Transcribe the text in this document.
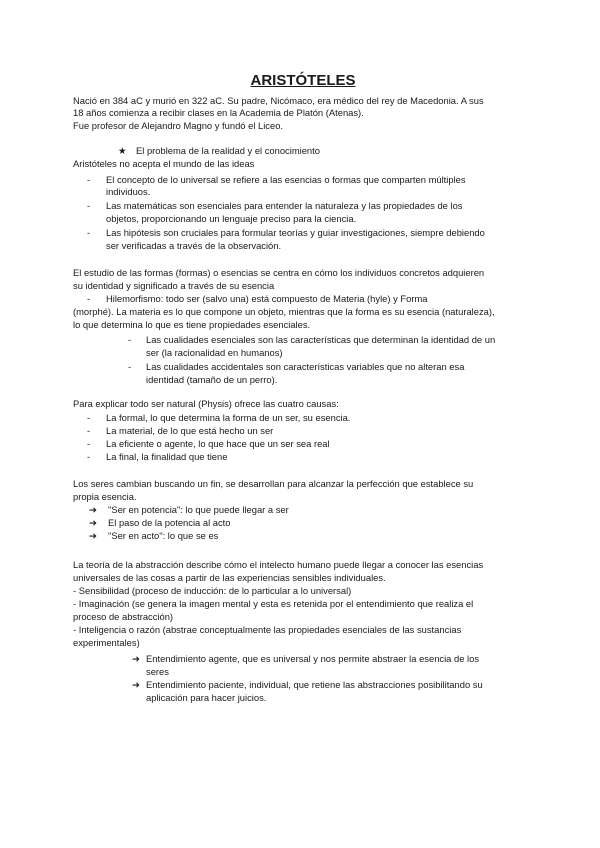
ARISTÓTELES
Nació en 384 aC y murió en 322 aC. Su padre, Nicómaco, era médico del rey de Macedonia. A sus
18 años comienza a recibir clases en la Academia de Platón (Atenas).
Fue profesor de Alejandro Magno y fundó el Liceo.
★ El problema de la realidad y el conocimiento
Aristóteles no acepta el mundo de las ideas
- El concepto de lo universal se refiere a las esencias o formas que comparten múltiples
individuos.
- Las matemáticas son esenciales para entender la naturaleza y las propiedades de los
objetos, proporcionando un lenguaje preciso para la ciencia.
- Las hipótesis son cruciales para formular teorías y guiar investigaciones, siempre debiendo
ser verificadas a través de la observación.
El estudio de las formas (formas) o esencias se centra en cómo los individuos concretos adquieren
su identidad y significado a través de su esencia
- Hilemorfismo: todo ser (salvo una) está compuesto de Materia (hyle) y Forma
(morphé). La materia es lo que compone un objeto, mientras que la forma es su esencia (naturaleza),
lo que determina lo que es tiene propiedades esenciales.
- Las cualidades esenciales son las características que determinan la identidad de un
ser (la racionalidad en humanos)
- Las cualidades accidentales son características variables que no alteran esa
identidad (tamaño de un perro).
Para explicar todo ser natural (Physis) ofrece las cuatro causas:
- La formal, lo que determina la forma de un ser, su esencia.
- La material, de lo que está hecho un ser
- La eficiente o agente, lo que hace que un ser sea real
- La final, la finalidad que tiene
Los seres cambian buscando un fin, se desarrollan para alcanzar la perfección que establece su
propia esencia.
➔ "Ser en potencia": lo que puede llegar a ser
➔ El paso de la potencia al acto
➔ "Ser en acto": lo que se es
La teoría de la abstracción describe cómo el intelecto humano puede llegar a conocer las esencias
universales de las cosas a partir de las experiencias sensibles individuales.
- Sensibilidad (proceso de inducción: de lo particular a lo universal)
- Imaginación (se genera la imagen mental y esta es retenida por el entendimiento que realiza el
proceso de abstracción)
- Inteligencia o razón (abstrae conceptualmente las propiedades esenciales de las sustancias
experimentales)
➔ Entendimiento agente, que es universal y nos permite abstraer la esencia de los
seres
➔ Entendimiento paciente, individual, que retiene las abstracciones posibilitando su
aplicación para hacer juicios.
